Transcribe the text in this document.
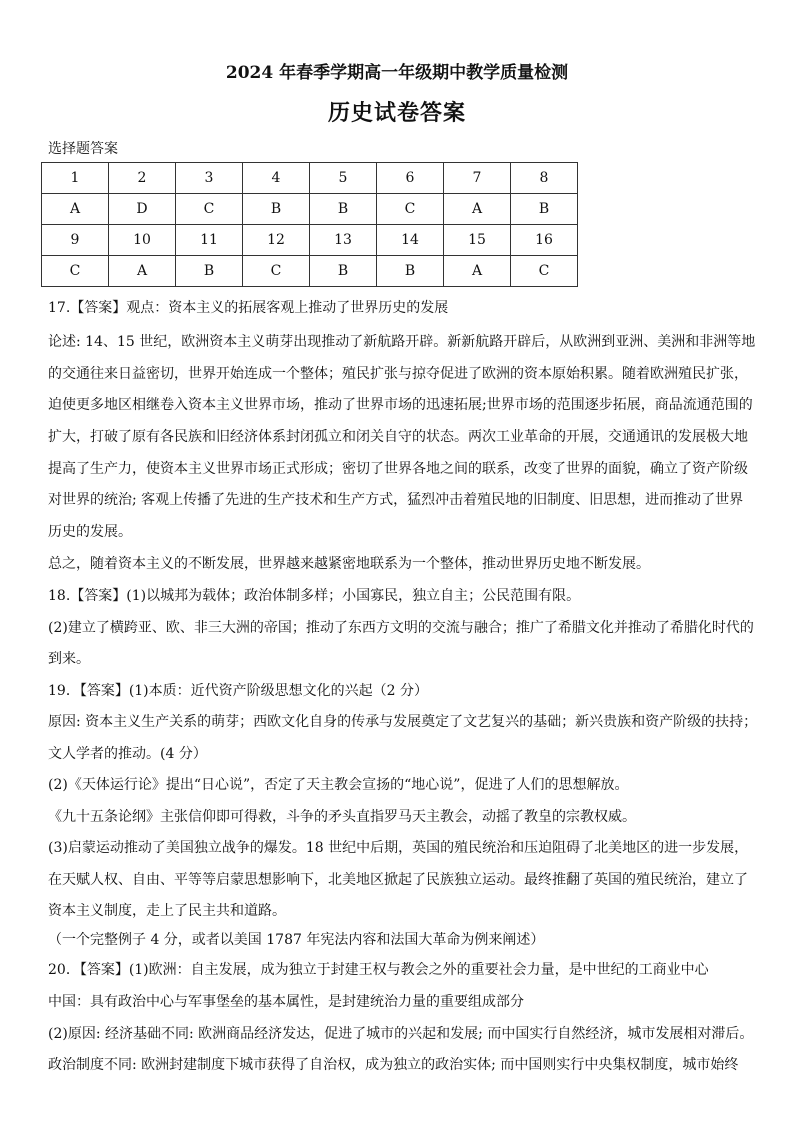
2024 年春季学期高一年级期中教学质量检测
历史试卷答案
选择题答案
1	2	3	4	5	6	7	8
A	D	C	B	B	C	A	B
9	10	11	12	13	14	15	16
C	A	B	C	B	B	A	C
17.【答案】观点：资本主义的拓展客观上推动了世界历史的发展
论述: 14、15 世纪，欧洲资本主义萌芽出现推动了新航路开辟。新新航路开辟后，从欧洲到亚洲、美洲和非洲等地
的交通往来日益密切，世界开始连成一个整体；殖民扩张与掠夺促进了欧洲的资本原始积累。随着欧洲殖民扩张，
迫使更多地区相继卷入资本主义世界市场，推动了世界市场的迅速拓展;世界市场的范围逐步拓展，商品流通范围的
扩大，打破了原有各民族和旧经济体系封闭孤立和闭关自守的状态。两次工业革命的开展，交通通讯的发展极大地
提高了生产力，使资本主义世界市场正式形成；密切了世界各地之间的联系，改变了世界的面貌，确立了资产阶级
对世界的统治; 客观上传播了先进的生产技术和生产方式，猛烈冲击着殖民地的旧制度、旧思想，进而推动了世界
历史的发展。
总之，随着资本主义的不断发展，世界越来越紧密地联系为一个整体，推动世界历史地不断发展。
18.【答案】(1)以城邦为载体；政治体制多样；小国寡民，独立自主；公民范围有限。
(2)建立了横跨亚、欧、非三大洲的帝国；推动了东西方文明的交流与融合；推广了希腊文化并推动了希腊化时代的
到来。
19．【答案】(1)本质：近代资产阶级思想文化的兴起（2 分）
原因: 资本主义生产关系的萌芽；西欧文化自身的传承与发展奠定了文艺复兴的基础；新兴贵族和资产阶级的扶持；
文人学者的推动。(4 分）
(2)《天体运行论》提出“日心说”，否定了天主教会宣扬的“地心说”，促进了人们的思想解放。
《九十五条论纲》主张信仰即可得救，斗争的矛头直指罗马天主教会，动摇了教皇的宗教权威。
(3)启蒙运动推动了美国独立战争的爆发。18 世纪中后期，英国的殖民统治和压迫阻碍了北美地区的进一步发展，
在天赋人权、自由、平等等启蒙思想影响下，北美地区掀起了民族独立运动。最终推翻了英国的殖民统治，建立了
资本主义制度，走上了民主共和道路。
（一个完整例子 4 分，或者以美国 1787 年宪法内容和法国大革命为例来阐述）
20．【答案】(1)欧洲：自主发展，成为独立于封建王权与教会之外的重要社会力量，是中世纪的工商业中心
中国：具有政治中心与军事堡垒的基本属性，是封建统治力量的重要组成部分
(2)原因: 经济基础不同: 欧洲商品经济发达，促进了城市的兴起和发展; 而中国实行自然经济，城市发展相对滞后。
政治制度不同: 欧洲封建制度下城市获得了自治权，成为独立的政治实体; 而中国则实行中央集权制度，城市始终
